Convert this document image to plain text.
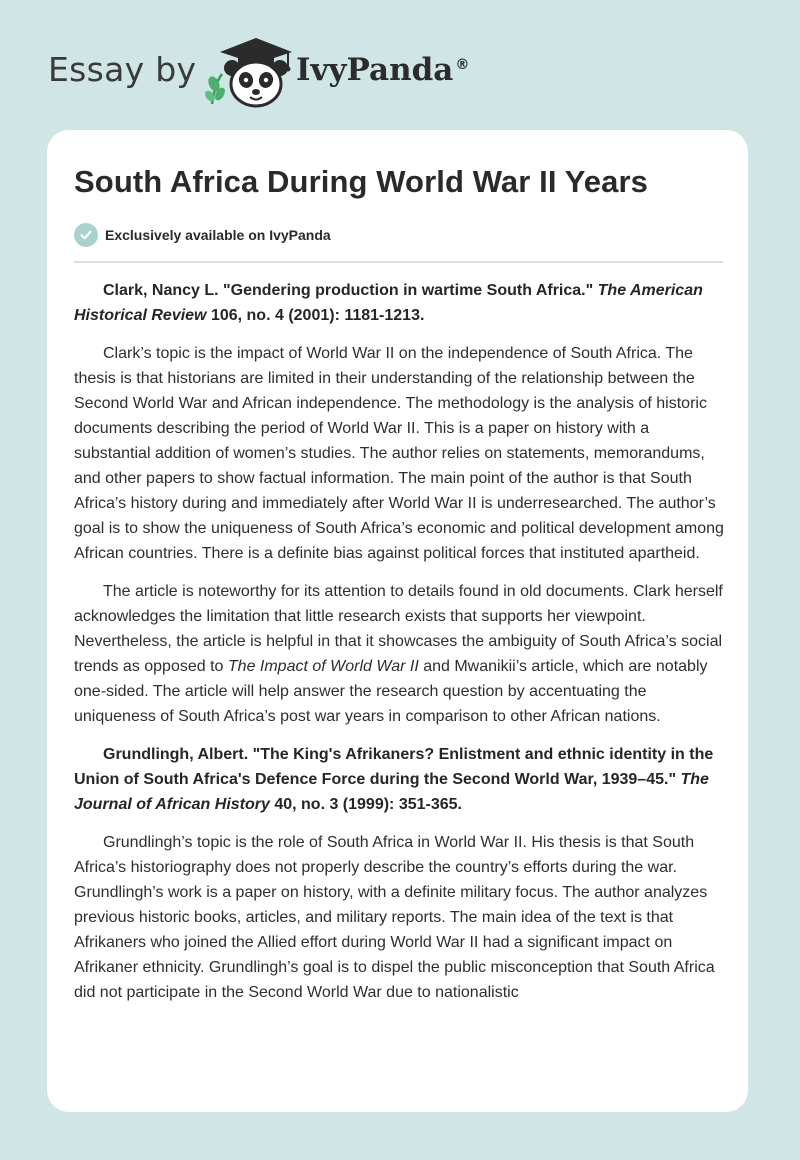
Essay by	IvyPanda ®
South Africa During World War II Years
Exclusively available on IvyPanda

Clark, Nancy L. "Gendering production in wartime South Africa." The American Historical Review 106, no. 4 (2001): 1181-1213.

Clark’s topic is the impact of World War II on the independence of South Africa. The thesis is that historians are limited in their understanding of the relationship between the Second World War and African independence. The methodology is the analysis of historic documents describing the period of World War II. This is a paper on history with a substantial addition of women’s studies. The author relies on statements, memorandums, and other papers to show factual information. The main point of the author is that South Africa’s history during and immediately after World War II is underresearched. The author’s goal is to show the uniqueness of South Africa’s economic and political development among African countries. There is a definite bias against political forces that instituted apartheid.

The article is noteworthy for its attention to details found in old documents. Clark herself acknowledges the limitation that little research exists that supports her viewpoint. Nevertheless, the article is helpful in that it showcases the ambiguity of South Africa’s social trends as opposed to The Impact of World War II and Mwanikii’s article, which are notably one-sided. The article will help answer the research question by accentuating the uniqueness of South Africa’s post war years in comparison to other African nations.

Grundlingh, Albert. "The King's Afrikaners? Enlistment and ethnic identity in the Union of South Africa's Defence Force during the Second World War, 1939–45." The Journal of African History 40, no. 3 (1999): 351-365.

Grundlingh’s topic is the role of South Africa in World War II. His thesis is that South Africa’s historiography does not properly describe the country’s efforts during the war. Grundlingh’s work is a paper on history, with a definite military focus. The author analyzes previous historic books, articles, and military reports. The main idea of the text is that Afrikaners who joined the Allied effort during World War II had a significant impact on Afrikaner ethnicity. Grundlingh’s goal is to dispel the public misconception that South Africa did not participate in the Second World War due to nationalistic
